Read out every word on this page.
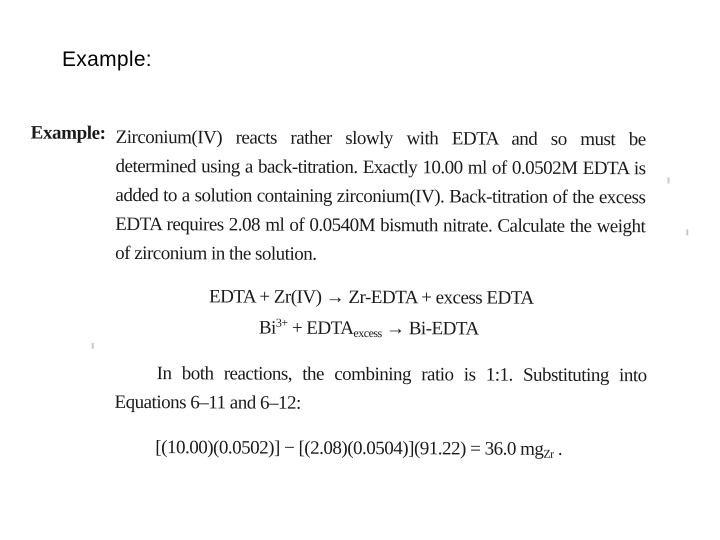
Example:
Example: Zirconium(IV) reacts rather slowly with EDTA and so must be determined using a back-titration. Exactly 10.00 ml of 0.0502M EDTA is added to a solution containing zirconium(IV). Back-titration of the excess EDTA requires 2.08 ml of 0.0540M bismuth nitrate. Calculate the weight of zirconium in the solution.
EDTA + Zr(IV) → Zr-EDTA + excess EDTA
$Bi^{3+}$ + $EDTA_{excess}$ → Bi-EDTA
In both reactions, the combining ratio is 1:1. Substituting into Equations 6–11 and 6–12:
[(10.00)(0.0502)] − [(2.08)(0.0504)](91.22) = 36.0 $mg_{Zr}$ .
